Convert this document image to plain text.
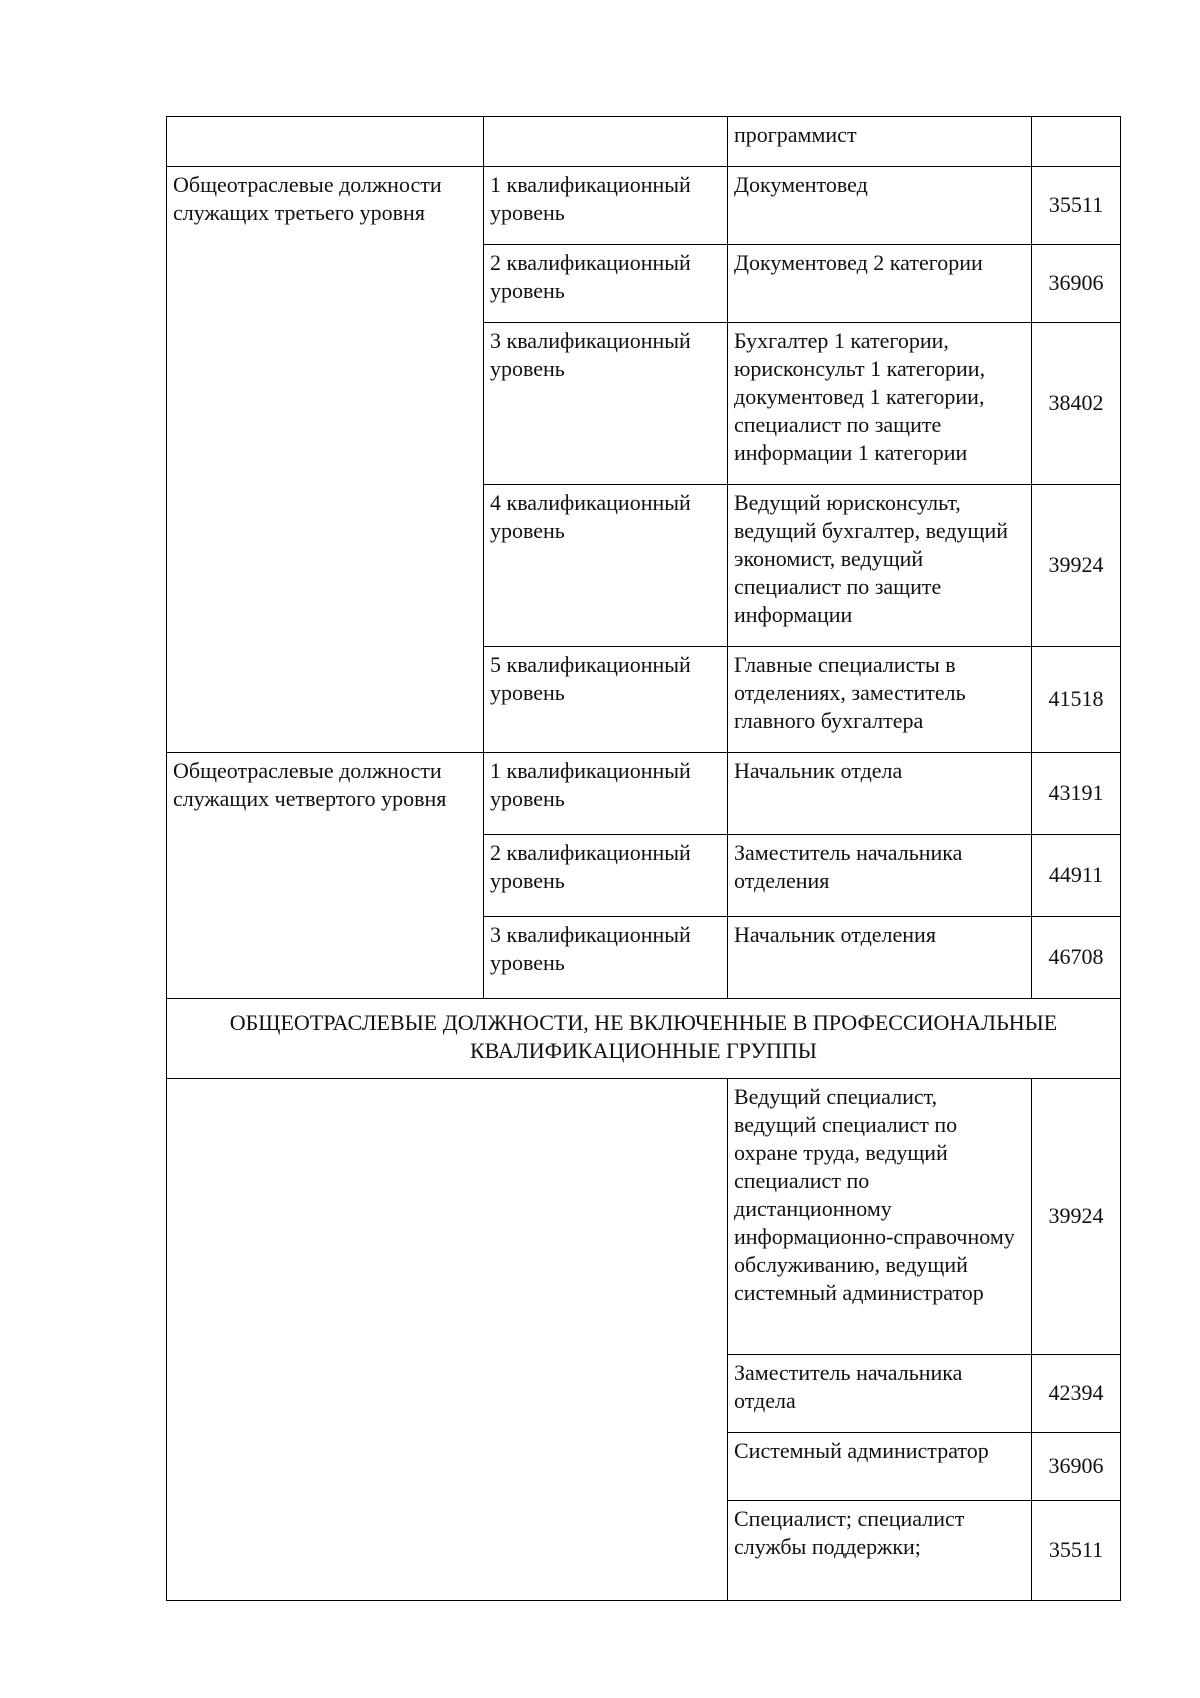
		программист	
Общеотраслевые должности служащих третьего уровня	1 квалификационный уровень	Документовед	35511
	2 квалификационный уровень	Документовед 2 категории	36906
	3 квалификационный уровень	Бухгалтер 1 категории, юрисконсульт 1 категории, документовед 1 категории, специалист по защите информации 1 категории	38402
	4 квалификационный уровень	Ведущий юрисконсульт, ведущий бухгалтер, ведущий экономист, ведущий специалист по защите информации	39924
	5 квалификационный уровень	Главные специалисты в отделениях, заместитель главного бухгалтера	41518
Общеотраслевые должности служащих четвертого уровня	1 квалификационный уровень	Начальник отдела	43191
	2 квалификационный уровень	Заместитель начальника отделения	44911
	3 квалификационный уровень	Начальник отделения	46708
ОБЩЕОТРАСЛЕВЫЕ ДОЛЖНОСТИ, НЕ ВКЛЮЧЕННЫЕ В ПРОФЕССИОНАЛЬНЫЕ КВАЛИФИКАЦИОННЫЕ ГРУППЫ			
		Ведущий специалист, ведущий специалист по охране труда, ведущий специалист по дистанционному информационно-справочному обслуживанию, ведущий системный администратор	39924
		Заместитель начальника отдела	42394
		Системный администратор	36906
		Специалист; специалист службы поддержки;	35511
